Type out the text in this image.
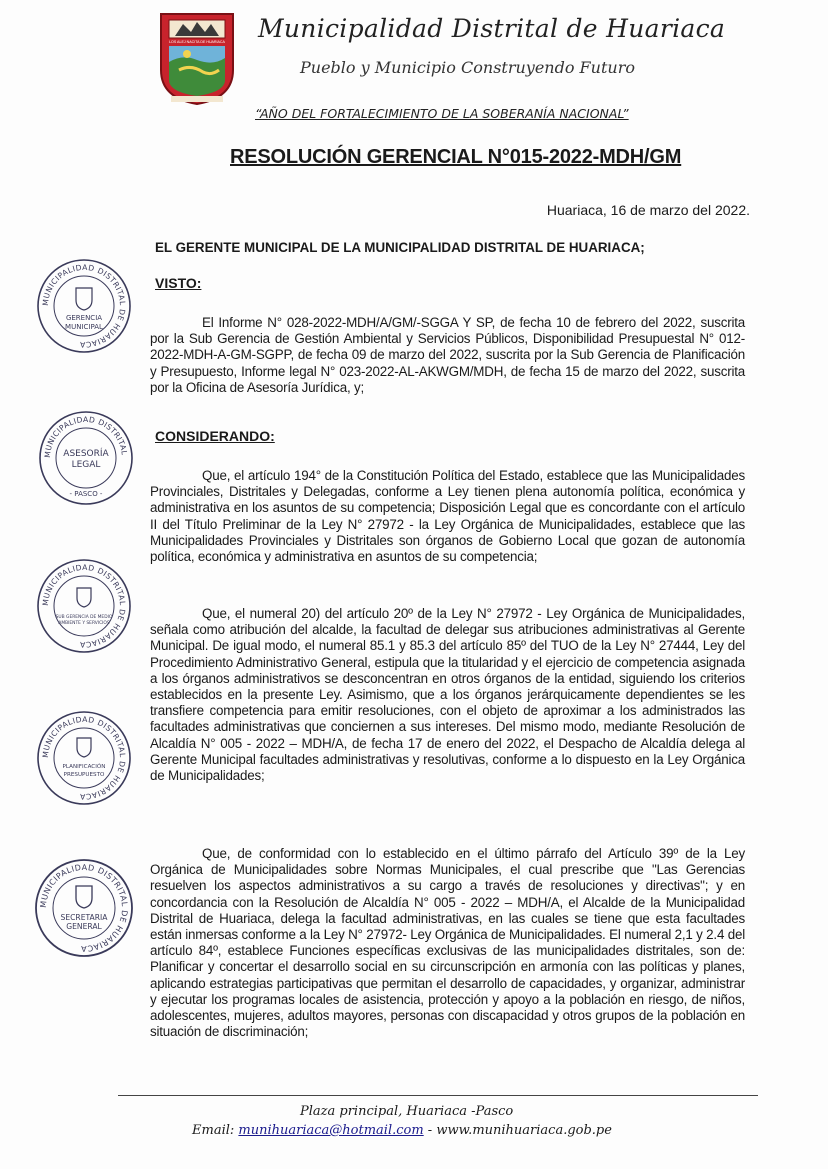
LOS ALEJ NACITA DE HUARIACA Municipalidad Distrital de Huariaca
Pueblo y Municipio Construyendo Futuro
“AÑO DEL FORTALECIMIENTO DE LA SOBERANÍA NACIONAL”
RESOLUCIÓN GERENCIAL N°015-2022-MDH/GM
Huariaca, 16 de marzo del 2022.
EL GERENTE MUNICIPAL DE LA MUNICIPALIDAD DISTRITAL DE HUARIACA;
VISTO:

El Informe N° 028-2022-MDH/A/GM/-SGGA Y SP, de fecha 10 de febrero del 2022, suscrita por la Sub Gerencia de Gestión Ambiental y Servicios Públicos, Disponibilidad Presupuestal N° 012-2022-MDH-A-GM-SGPP, de fecha 09 de marzo del 2022, suscrita por la Sub Gerencia de Planificación y Presupuesto, Informe legal N° 023-2022-AL-AKWGM/MDH, de fecha 15 de marzo del 2022, suscrita por la Oficina de Asesoría Jurídica, y;

CONSIDERANDO:

Que, el artículo 194° de la Constitución Política del Estado, establece que las Municipalidades Provinciales, Distritales y Delegadas, conforme a Ley tienen plena autonomía política, económica y administrativa en los asuntos de su competencia; Disposición Legal que es concordante con el artículo II del Título Preliminar de la Ley N° 27972 - la Ley Orgánica de Municipalidades, establece que las Municipalidades Provinciales y Distritales son órganos de Gobierno Local que gozan de autonomía política, económica y administrativa en asuntos de su competencia;

Que, el numeral 20) del artículo 20º de la Ley N° 27972 - Ley Orgánica de Municipalidades, señala como atribución del alcalde, la facultad de delegar sus atribuciones administrativas al Gerente Municipal. De igual modo, el numeral 85.1 y 85.3 del artículo 85º del TUO de la Ley N° 27444, Ley del Procedimiento Administrativo General, estipula que la titularidad y el ejercicio de competencia asignada a los órganos administrativos se desconcentran en otros órganos de la entidad, siguiendo los criterios establecidos en la presente Ley. Asimismo, que a los órganos jerárquicamente dependientes se les transfiere competencia para emitir resoluciones, con el objeto de aproximar a los administrados las facultades administrativas que conciernen a sus intereses. Del mismo modo, mediante Resolución de Alcaldía N° 005 - 2022 – MDH/A, de fecha 17 de enero del 2022, el Despacho de Alcaldía delega al Gerente Municipal facultades administrativas y resolutivas, conforme a lo dispuesto en la Ley Orgánica de Municipalidades;

Que, de conformidad con lo establecido en el último párrafo del Artículo 39º de la Ley Orgánica de Municipalidades sobre Normas Municipales, el cual prescribe que "Las Gerencias resuelven los aspectos administrativos a su cargo a través de resoluciones y directivas"; y en concordancia con la Resolución de Alcaldía N° 005 - 2022 – MDH/A, el Alcalde de la Municipalidad Distrital de Huariaca, delega la facultad administrativas, en las cuales se tiene que esta facultades están inmersas conforme a la Ley N° 27972- Ley Orgánica de Municipalidades. El numeral 2,1 y 2.4 del artículo 84º, establece Funciones específicas exclusivas de las municipalidades distritales, son de: Planificar y concertar el desarrollo social en su circunscripción en armonía con las políticas y planes, aplicando estrategias participativas que permitan el desarrollo de capacidades, y organizar, administrar y ejecutar los programas locales de asistencia, protección y apoyo a la población en riesgo, de niños, adolescentes, mujeres, adultos mayores, personas con discapacidad y otros grupos de la población en situación de discriminación;

MUNICIPALIDAD DISTRITAL DE HUARIACA
GERENCIA
MUNICIPAL
MUNICIPALIDAD DISTRITAL
ASESORÍA
LEGAL
- PASCO -
MUNICIPALIDAD DISTRITAL DE HUARIACA
SUB GERENCIA DE MEDIO
AMBIENTE Y SERVICIOS
MUNICIPALIDAD DISTRITAL DE HUARIACA
PLANIFICACIÓN
PRESUPUESTO
MUNICIPALIDAD DISTRITAL DE HUARIACA
SECRETARIA
GENERAL
Plaza principal, Huariaca -Pasco
Email: munihuariaca@hotmail.com - www.munihuariaca.gob.pe
